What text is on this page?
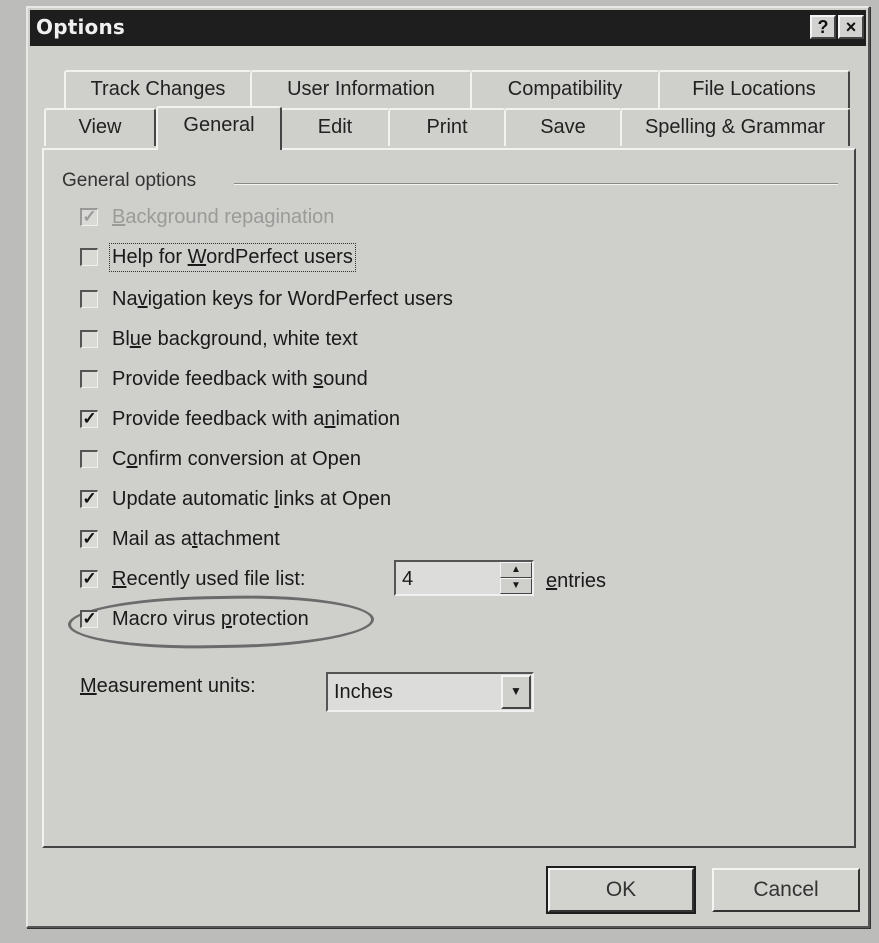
Options	? ×
Track Changes	User Information	Compatibility	File Locations
View	General	Edit	Print	Save	Spelling & Grammar
General options
✓ Background repagination
Help for WordPerfect users
Navigation keys for WordPerfect users
Blue background, white text
Provide feedback with sound
✓ Provide feedback with animation
Confirm conversion at Open
✓ Update automatic links at Open
✓ Mail as attachment
✓ Recently used file list:	4	▲
▼	entries
✓ Macro virus protection
Measurement units:	Inches	▼
OK	Cancel
